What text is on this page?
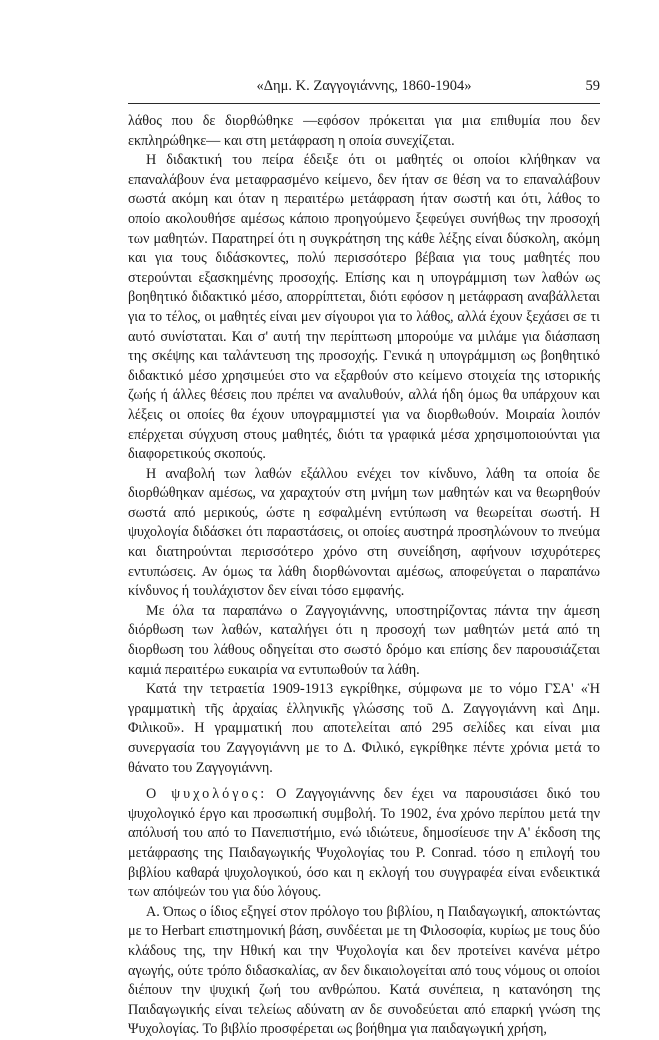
«Δημ. Κ. Ζαγγογιάννης, 1860-1904»	59

λάθος που δε διορθώθηκε —εφόσον πρόκειται για μια επιθυμία που δεν εκπληρώθηκε— και στη μετάφραση η οποία συνεχίζεται.

Η διδακτική του πείρα έδειξε ότι οι μαθητές οι οποίοι κλήθηκαν να επαναλάβουν ένα μεταφρασμένο κείμενο, δεν ήταν σε θέση να το επαναλάβουν σωστά ακόμη και όταν η περαιτέρω μετάφραση ήταν σωστή και ότι, λάθος το οποίο ακολουθήσε αμέσως κάποιο προηγούμενο ξεφεύγει συνήθως την προσοχή των μαθητών. Παρατηρεί ότι η συγκράτηση της κάθε λέξης είναι δύσκολη, ακόμη και για τους διδάσκοντες, πολύ περισσότερο βέβαια για τους μαθητές που στερούνται εξασκημένης προσοχής. Επίσης και η υπογράμμιση των λαθών ως βοηθητικό διδακτικό μέσο, απορρίπτεται, διότι εφόσον η μετάφραση αναβάλλεται για το τέλος, οι μαθητές είναι μεν σίγουροι για το λάθος, αλλά έχουν ξεχάσει σε τι αυτό συνίσταται. Και σ' αυτή την περίπτωση μπορούμε να μιλάμε για διάσπαση της σκέψης και ταλάντευση της προσοχής. Γενικά η υπογράμμιση ως βοηθητικό διδακτικό μέσο χρησιμεύει στο να εξαρθούν στο κείμενο στοιχεία της ιστορικής ζωής ή άλλες θέσεις που πρέπει να αναλυθούν, αλλά ήδη όμως θα υπάρχουν και λέξεις οι οποίες θα έχουν υπογραμμιστεί για να διορθωθούν. Μοιραία λοιπόν επέρχεται σύγχυση στους μαθητές, διότι τα γραφικά μέσα χρησιμοποιούνται για διαφορετικούς σκοπούς.

Η αναβολή των λαθών εξάλλου ενέχει τον κίνδυνο, λάθη τα οποία δε διορθώθηκαν αμέσως, να χαραχτούν στη μνήμη των μαθητών και να θεωρηθούν σωστά από μερικούς, ώστε η εσφαλμένη εντύπωση να θεωρείται σωστή. Η ψυχολογία διδάσκει ότι παραστάσεις, οι οποίες αυστηρά προσηλώνουν το πνεύμα και διατηρούνται περισσότερο χρόνο στη συνείδηση, αφήνουν ισχυρότερες εντυπώσεις. Αν όμως τα λάθη διορθώνονται αμέσως, αποφεύγεται ο παραπάνω κίνδυνος ή τουλάχιστον δεν είναι τόσο εμφανής.

Με όλα τα παραπάνω ο Ζαγγογιάννης, υποστηρίζοντας πάντα την άμεση διόρθωση των λαθών, καταλήγει ότι η προσοχή των μαθητών μετά από τη διορθωση του λάθους οδηγείται στο σωστό δρόμο και επίσης δεν παρουσιάζεται καμιά περαιτέρω ευκαιρία να εντυπωθούν τα λάθη.

Κατά την τετραετία 1909-1913 εγκρίθηκε, σύμφωνα με το νόμο ΓΣΑ' «Ἡ γραμματικὴ τῆς ἀρχαίας ἑλληνικῆς γλώσσης τοῦ Δ. Ζαγγογιάννη καὶ Δημ. Φιλικοῦ». Η γραμματική που αποτελείται από 295 σελίδες και είναι μια συνεργασία του Ζαγγογιάννη με το Δ. Φιλικό, εγκρίθηκε πέντε χρόνια μετά το θάνατο του Ζαγγογιάννη.

Ο ψυχολόγος: Ο Ζαγγογιάννης δεν έχει να παρουσιάσει δικό του ψυχολογικό έργο και προσωπική συμβολή. Το 1902, ένα χρόνο περίπου μετά την απόλυσή του από το Πανεπιστήμιο, ενώ ιδιώτευε, δημοσίευσε την Α' έκδοση της μετάφρασης της Παιδαγωγικής Ψυχολογίας του P. Conrad. τόσο η επιλογή του βιβλίου καθαρά ψυχολογικού, όσο και η εκλογή του συγγραφέα είναι ενδεικτικά των απόψεών του για δύο λόγους.

Α. Όπως ο ίδιος εξηγεί στον πρόλογο του βιβλίου, η Παιδαγωγική, αποκτώντας με το Herbart επιστημονική βάση, συνδέεται με τη Φιλοσοφία, κυρίως με τους δύο κλάδους της, την Ηθική και την Ψυχολογία και δεν προτείνει κανένα μέτρο αγωγής, ούτε τρόπο διδασκαλίας, αν δεν δικαιολογείται από τους νόμους οι οποίοι διέπουν την ψυχική ζωή του ανθρώπου. Κατά συνέπεια, η κατανόηση της Παιδαγωγικής είναι τελείως αδύνατη αν δε συνοδεύεται από επαρκή γνώση της Ψυχολογίας. Το βιβλίο προσφέρεται ως βοήθημα για παιδαγωγική χρήση,
